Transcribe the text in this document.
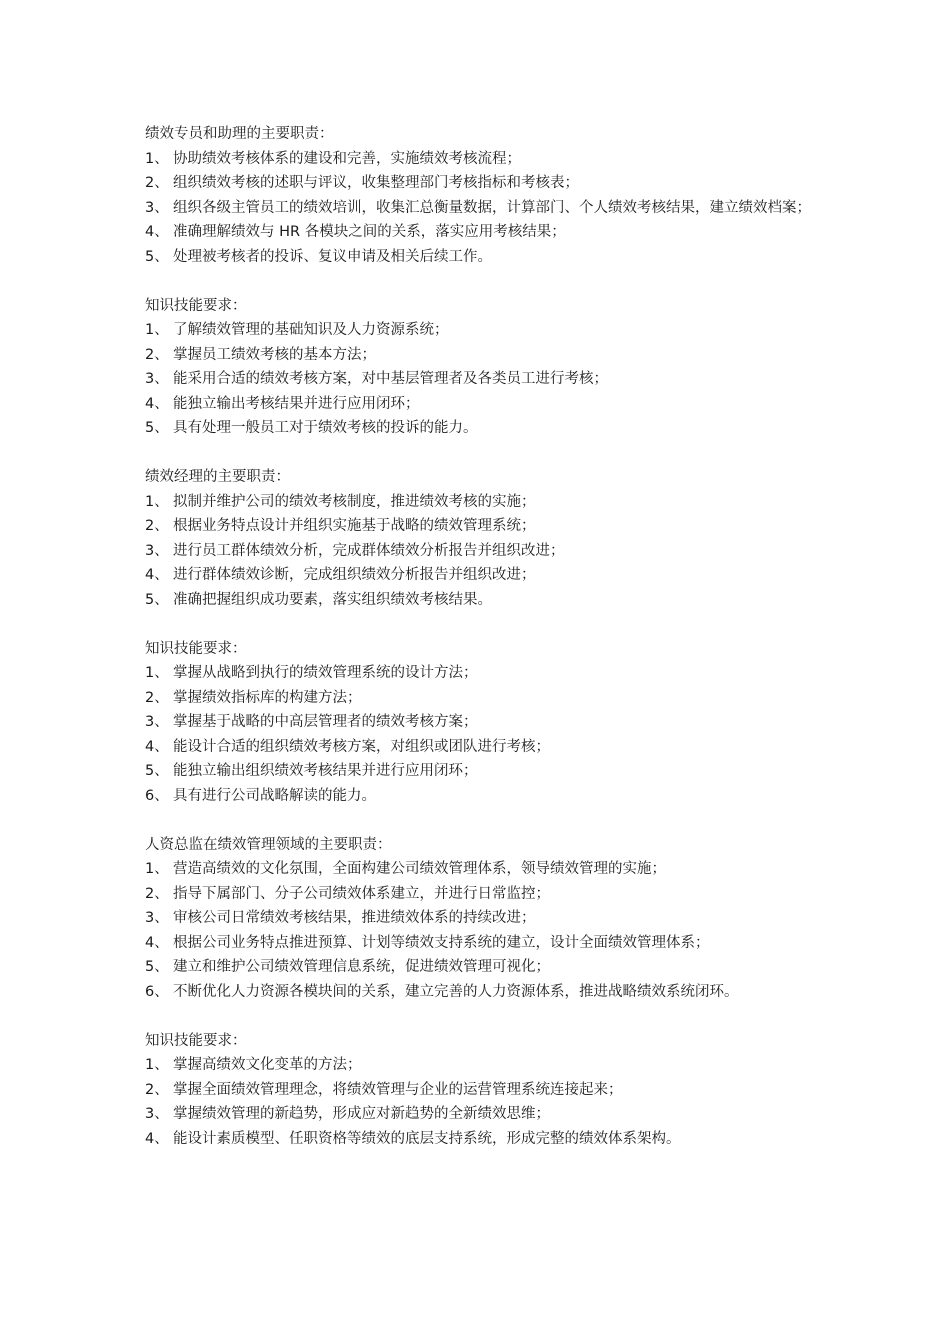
绩效专员和助理的主要职责：

1、 协助绩效考核体系的建设和完善，实施绩效考核流程；
2、 组织绩效考核的述职与评议，收集整理部门考核指标和考核表；
3、 组织各级主管员工的绩效培训，收集汇总衡量数据，计算部门、个人绩效考核结果，建立绩效档案；
4、 准确理解绩效与 HR 各模块之间的关系，落实应用考核结果；
5、 处理被考核者的投诉、复议申请及相关后续工作。

知识技能要求：

1、 了解绩效管理的基础知识及人力资源系统；
2、 掌握员工绩效考核的基本方法；
3、 能采用合适的绩效考核方案，对中基层管理者及各类员工进行考核；
4、 能独立输出考核结果并进行应用闭环；
5、 具有处理一般员工对于绩效考核的投诉的能力。

绩效经理的主要职责：

1、 拟制并维护公司的绩效考核制度，推进绩效考核的实施；
2、 根据业务特点设计并组织实施基于战略的绩效管理系统；
3、 进行员工群体绩效分析，完成群体绩效分析报告并组织改进；
4、 进行群体绩效诊断，完成组织绩效分析报告并组织改进；
5、 准确把握组织成功要素，落实组织绩效考核结果。

知识技能要求：

1、 掌握从战略到执行的绩效管理系统的设计方法；
2、 掌握绩效指标库的构建方法；
3、 掌握基于战略的中高层管理者的绩效考核方案；
4、 能设计合适的组织绩效考核方案，对组织或团队进行考核；
5、 能独立输出组织绩效考核结果并进行应用闭环；
6、 具有进行公司战略解读的能力。

人资总监在绩效管理领域的主要职责：

1、 营造高绩效的文化氛围，全面构建公司绩效管理体系，领导绩效管理的实施；
2、 指导下属部门、分子公司绩效体系建立，并进行日常监控；
3、 审核公司日常绩效考核结果，推进绩效体系的持续改进；
4、 根据公司业务特点推进预算、计划等绩效支持系统的建立，设计全面绩效管理体系；
5、 建立和维护公司绩效管理信息系统，促进绩效管理可视化；
6、 不断优化人力资源各模块间的关系，建立完善的人力资源体系，推进战略绩效系统闭环。

知识技能要求：

1、 掌握高绩效文化变革的方法；
2、 掌握全面绩效管理理念，将绩效管理与企业的运营管理系统连接起来；
3、 掌握绩效管理的新趋势，形成应对新趋势的全新绩效思维；
4、 能设计素质模型、任职资格等绩效的底层支持系统，形成完整的绩效体系架构。
